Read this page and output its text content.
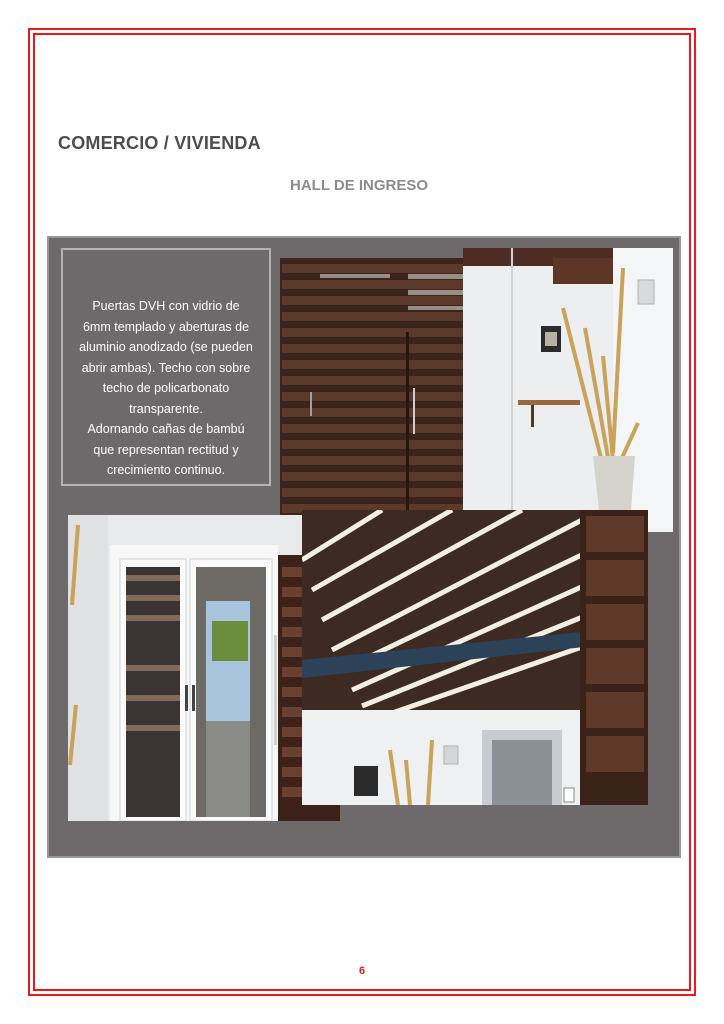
COMERCIO / VIVIENDA
HALL DE INGRESO

Puertas DVH con vidrio de

6mm templado y aberturas de

aluminio anodizado (se pueden

abrir ambas). Techo con sobre

techo de policarbonato

transparente.

Adornando cañas de bambú

que representan rectitud y

crecimiento continuo.

6
